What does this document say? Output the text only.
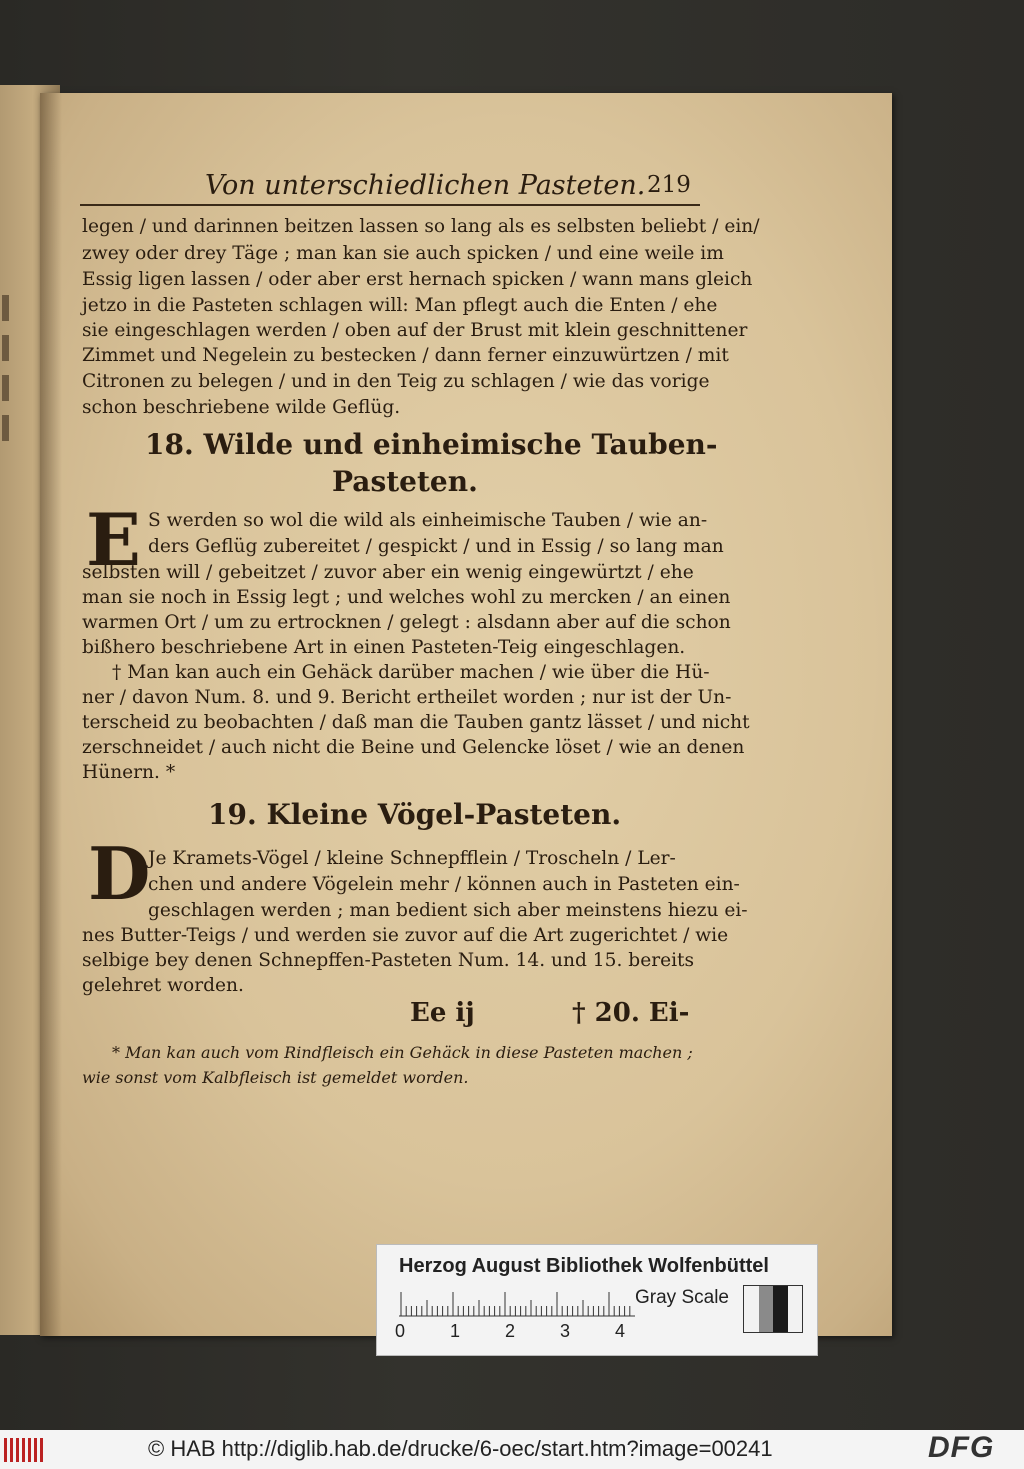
Von unterschiedlichen Pasteten. 219
legen / und darinnen beitzen lassen so lang als es selbsten beliebt / ein/
zwey oder drey Täge ; man kan sie auch spicken / und eine weile im
Essig ligen lassen / oder aber erst hernach spicken / wann mans gleich
jetzo in die Pasteten schlagen will: Man pflegt auch die Enten / ehe
sie eingeschlagen werden / oben auf der Brust mit klein geschnittener
Zimmet und Negelein zu bestecken / dann ferner einzuwürtzen / mit
Citronen zu belegen / und in den Teig zu schlagen / wie das vorige
schon beschriebene wilde Geflüg.
18. Wilde und einheimische Tauben-
Pasteten.
E S werden so wol die wild als einheimische Tauben / wie an-
ders Geflüg zubereitet / gespickt / und in Essig / so lang man
selbsten will / gebeitzet / zuvor aber ein wenig eingewürtzt / ehe
man sie noch in Essig legt ; und welches wohl zu mercken / an einen
warmen Ort / um zu ertrocknen / gelegt : alsdann aber auf die schon
bißhero beschriebene Art in einen Pasteten-Teig eingeschlagen.
† Man kan auch ein Gehäck darüber machen / wie über die Hü-
ner / davon Num. 8. und 9. Bericht ertheilet worden ; nur ist der Un-
terscheid zu beobachten / daß man die Tauben gantz lässet / und nicht
zerschneidet / auch nicht die Beine und Gelencke löset / wie an denen
Hünern. *
19. Kleine Vögel-Pasteten.
D
Je Kramets-Vögel / kleine Schnepfflein / Troscheln / Ler-
chen und andere Vögelein mehr / können auch in Pasteten ein-
geschlagen werden ; man bedient sich aber meinstens hiezu ei-
nes Butter-Teigs / und werden sie zuvor auf die Art zugerichtet / wie
selbige bey denen Schnepffen-Pasteten Num. 14. und 15. bereits
gelehret worden.
Ee ij	† 20. Ei-
* Man kan auch vom Rindfleisch ein Gehäck in diese Pasteten machen ;
wie sonst vom Kalbfleisch ist gemeldet worden.
Herzog August Bibliothek Wolfenbüttel
Gray Scale
0 1 2 3 4
© HAB http://diglib.hab.de/drucke/6-oec/start.htm?image=00241	DFG
